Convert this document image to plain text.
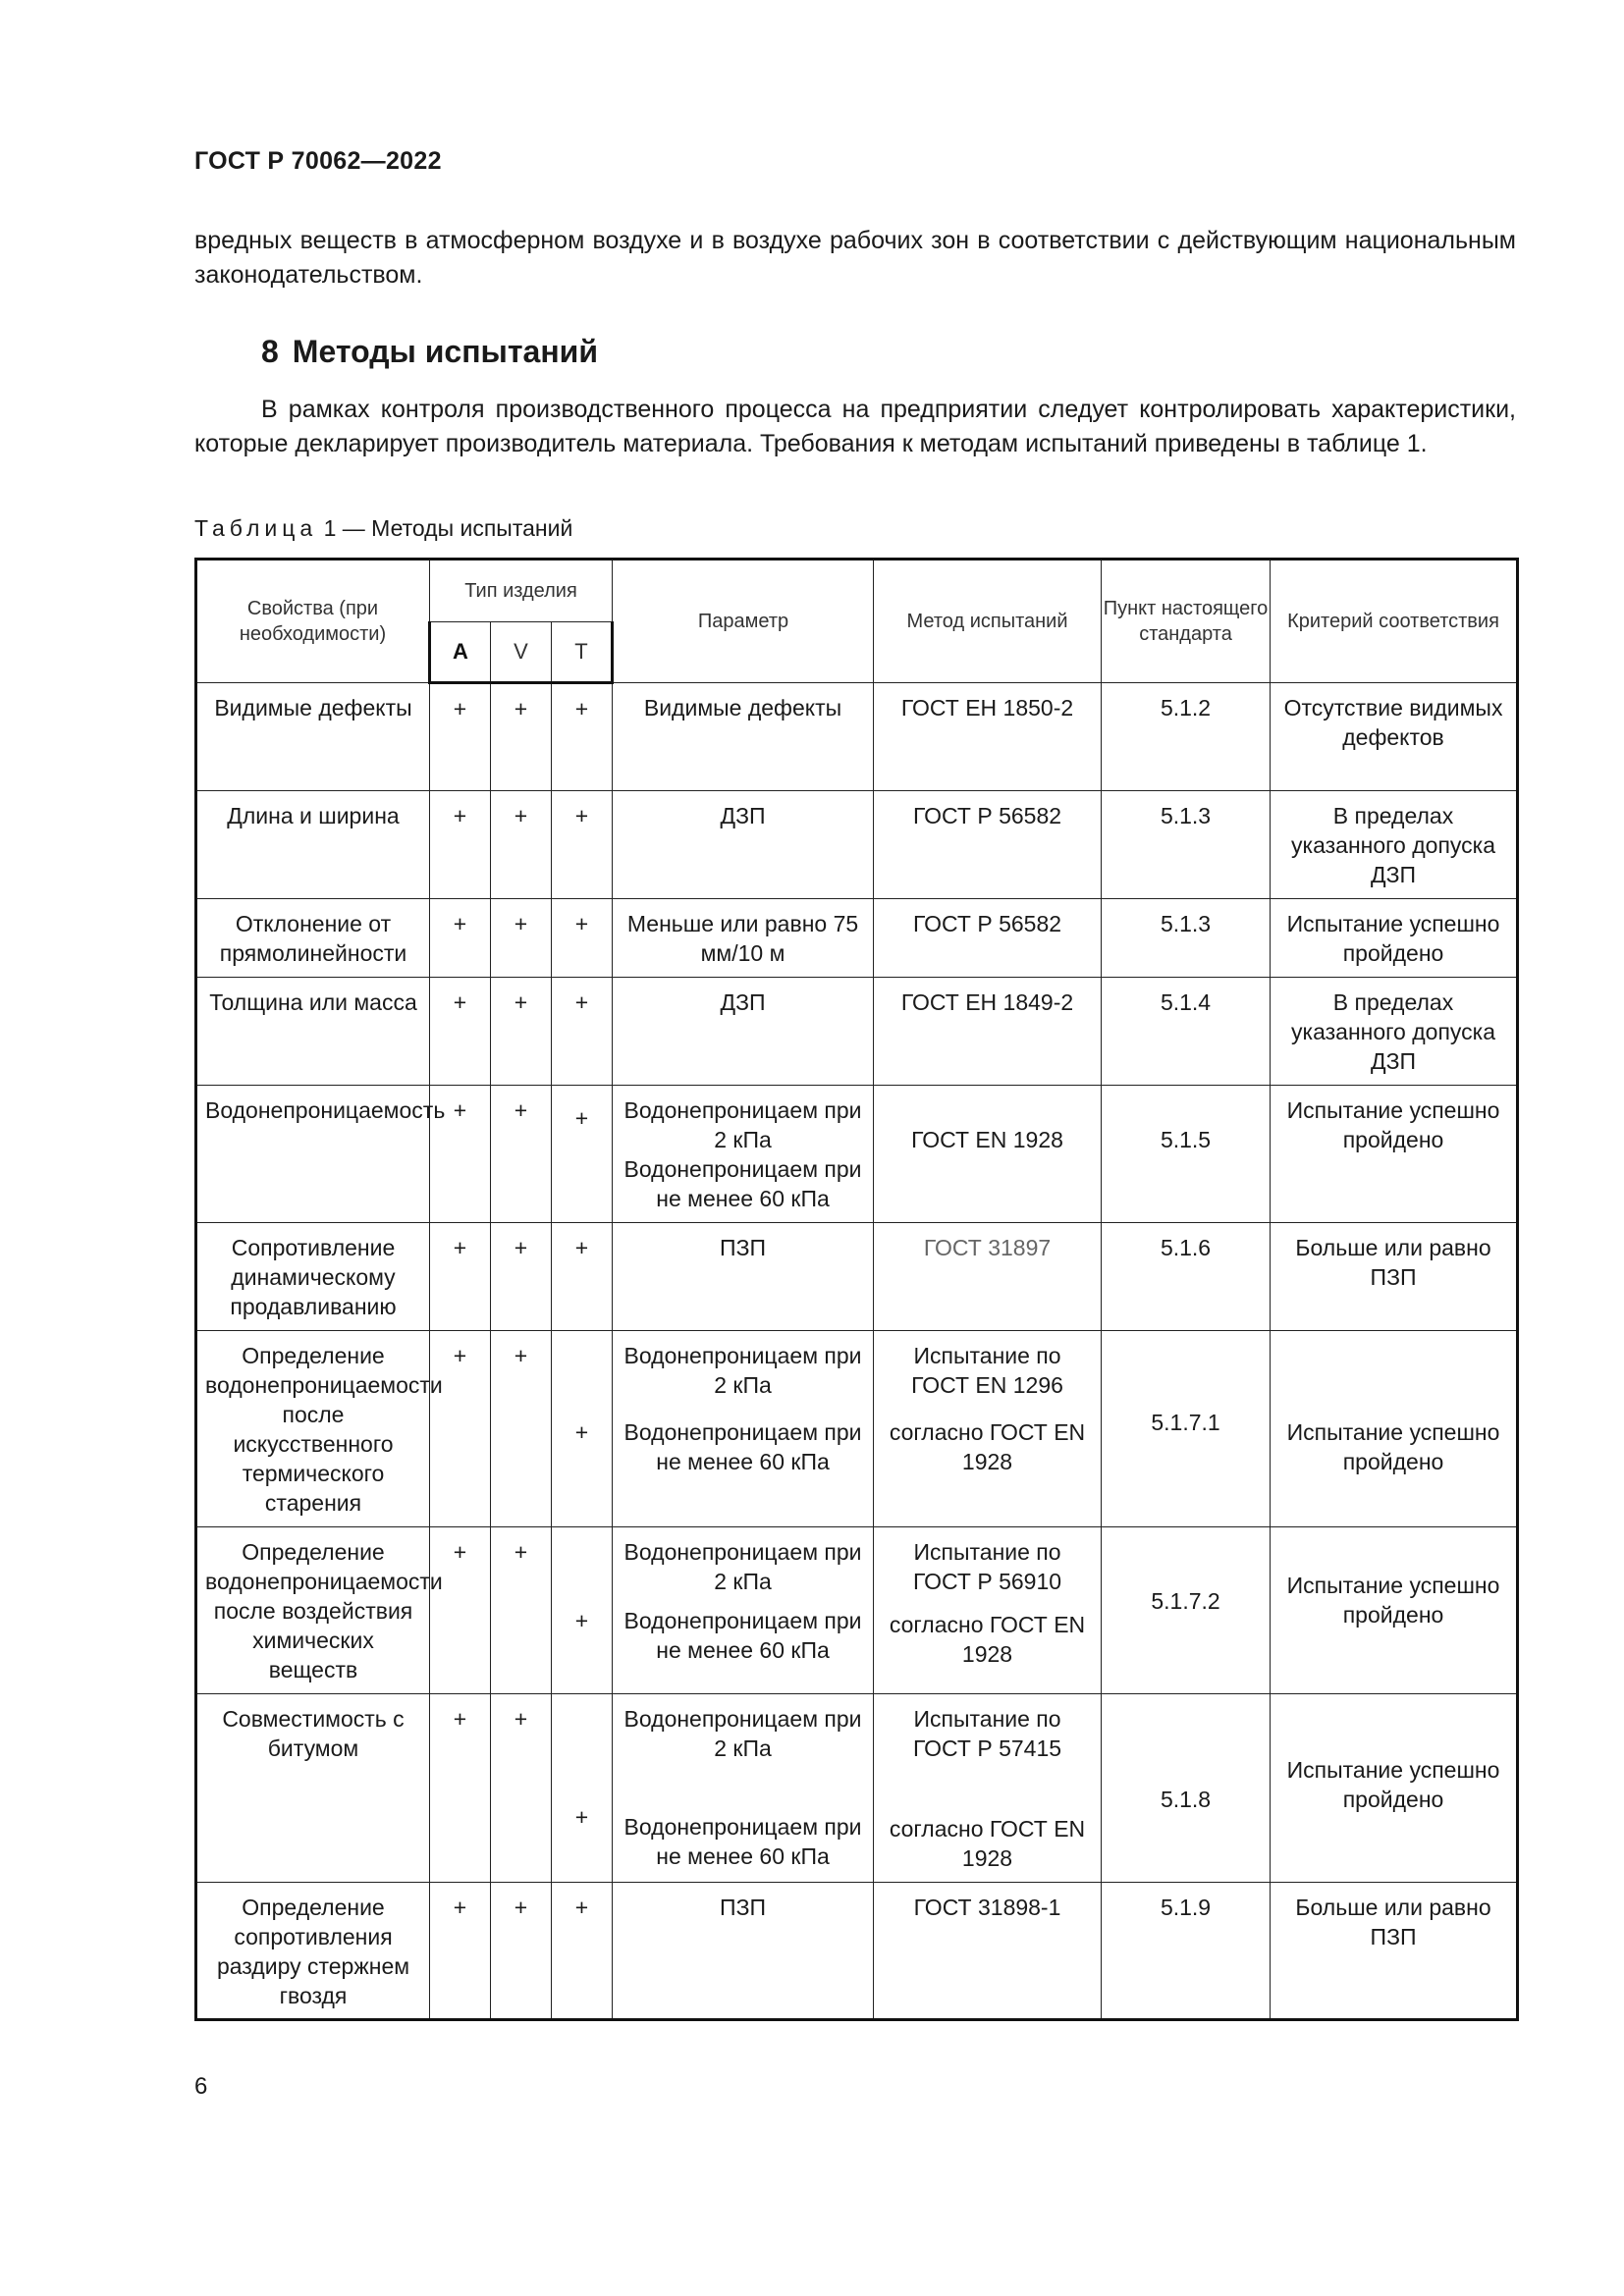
ГОСТ Р 70062—2022

вредных веществ в атмосферном воздухе и в воздухе рабочих зон в соответствии с действующим национальным законодательством.

8 Методы испытаний

В рамках контроля производственного процесса на предприятии следует контролировать характеристики, которые декларирует производитель материала. Требования к методам испытаний приведены в таблице 1.

Таблица 1 — Методы испытаний
Свойства (при необходимости)	Тип изделия			Параметр	Метод испытаний	Пункт настоящего стандарта	Критерий соответствия
	A	V	T				

Видимые дефекты	+	+	+	Видимые дефекты	ГОСТ ЕН 1850-2	5.1.2	Отсутствие видимых дефектов

Длина и ширина	+	+	+	ДЗП	ГОСТ Р 56582	5.1.3	В пределах указанного допуска ДЗП

Отклонение от прямолинейности	+	+	+	Меньше или равно 75 мм/10 м	ГОСТ Р 56582	5.1.3	Испытание успешно пройдено

Толщина или масса	+	+	+	ДЗП	ГОСТ ЕН 1849-2	5.1.4	В пределах указанного допуска ДЗП

Водонепроницаемость	+	+	+	Водонепроницаем при 2 кПа
Водонепроницаем при не менее 60 кПа	ГОСТ EN 1928	5.1.5	Испытание успешно пройдено

Сопротивление динамическому продавливанию	+	+	+	ПЗП	ГОСТ 31897	5.1.6	Больше или равно ПЗП

Определение водонепроницаемости после искусственного термического старения	+	+	+	Водонепроницаем при 2 кПа
Водонепроницаем при не менее 60 кПа	Испытание по ГОСТ EN 1296
согласно ГОСТ EN 1928	5.1.7.1	Испытание успешно пройдено

Определение водонепроницаемости после воздействия химических веществ	+	+	+	Водонепроницаем при 2 кПа
Водонепроницаем при не менее 60 кПа	Испытание по ГОСТ Р 56910
согласно ГОСТ EN 1928	5.1.7.2	Испытание успешно пройдено

Совместимость с битумом	+	+	+	Водонепроницаем при 2 кПа
Водонепроницаем при не менее 60 кПа	Испытание по ГОСТ Р 57415
согласно ГОСТ EN 1928	5.1.8	Испытание успешно пройдено

Определение сопротивления раздиру стержнем гвоздя	+	+	+	ПЗП	ГОСТ 31898-1	5.1.9	Больше или равно ПЗП
6
